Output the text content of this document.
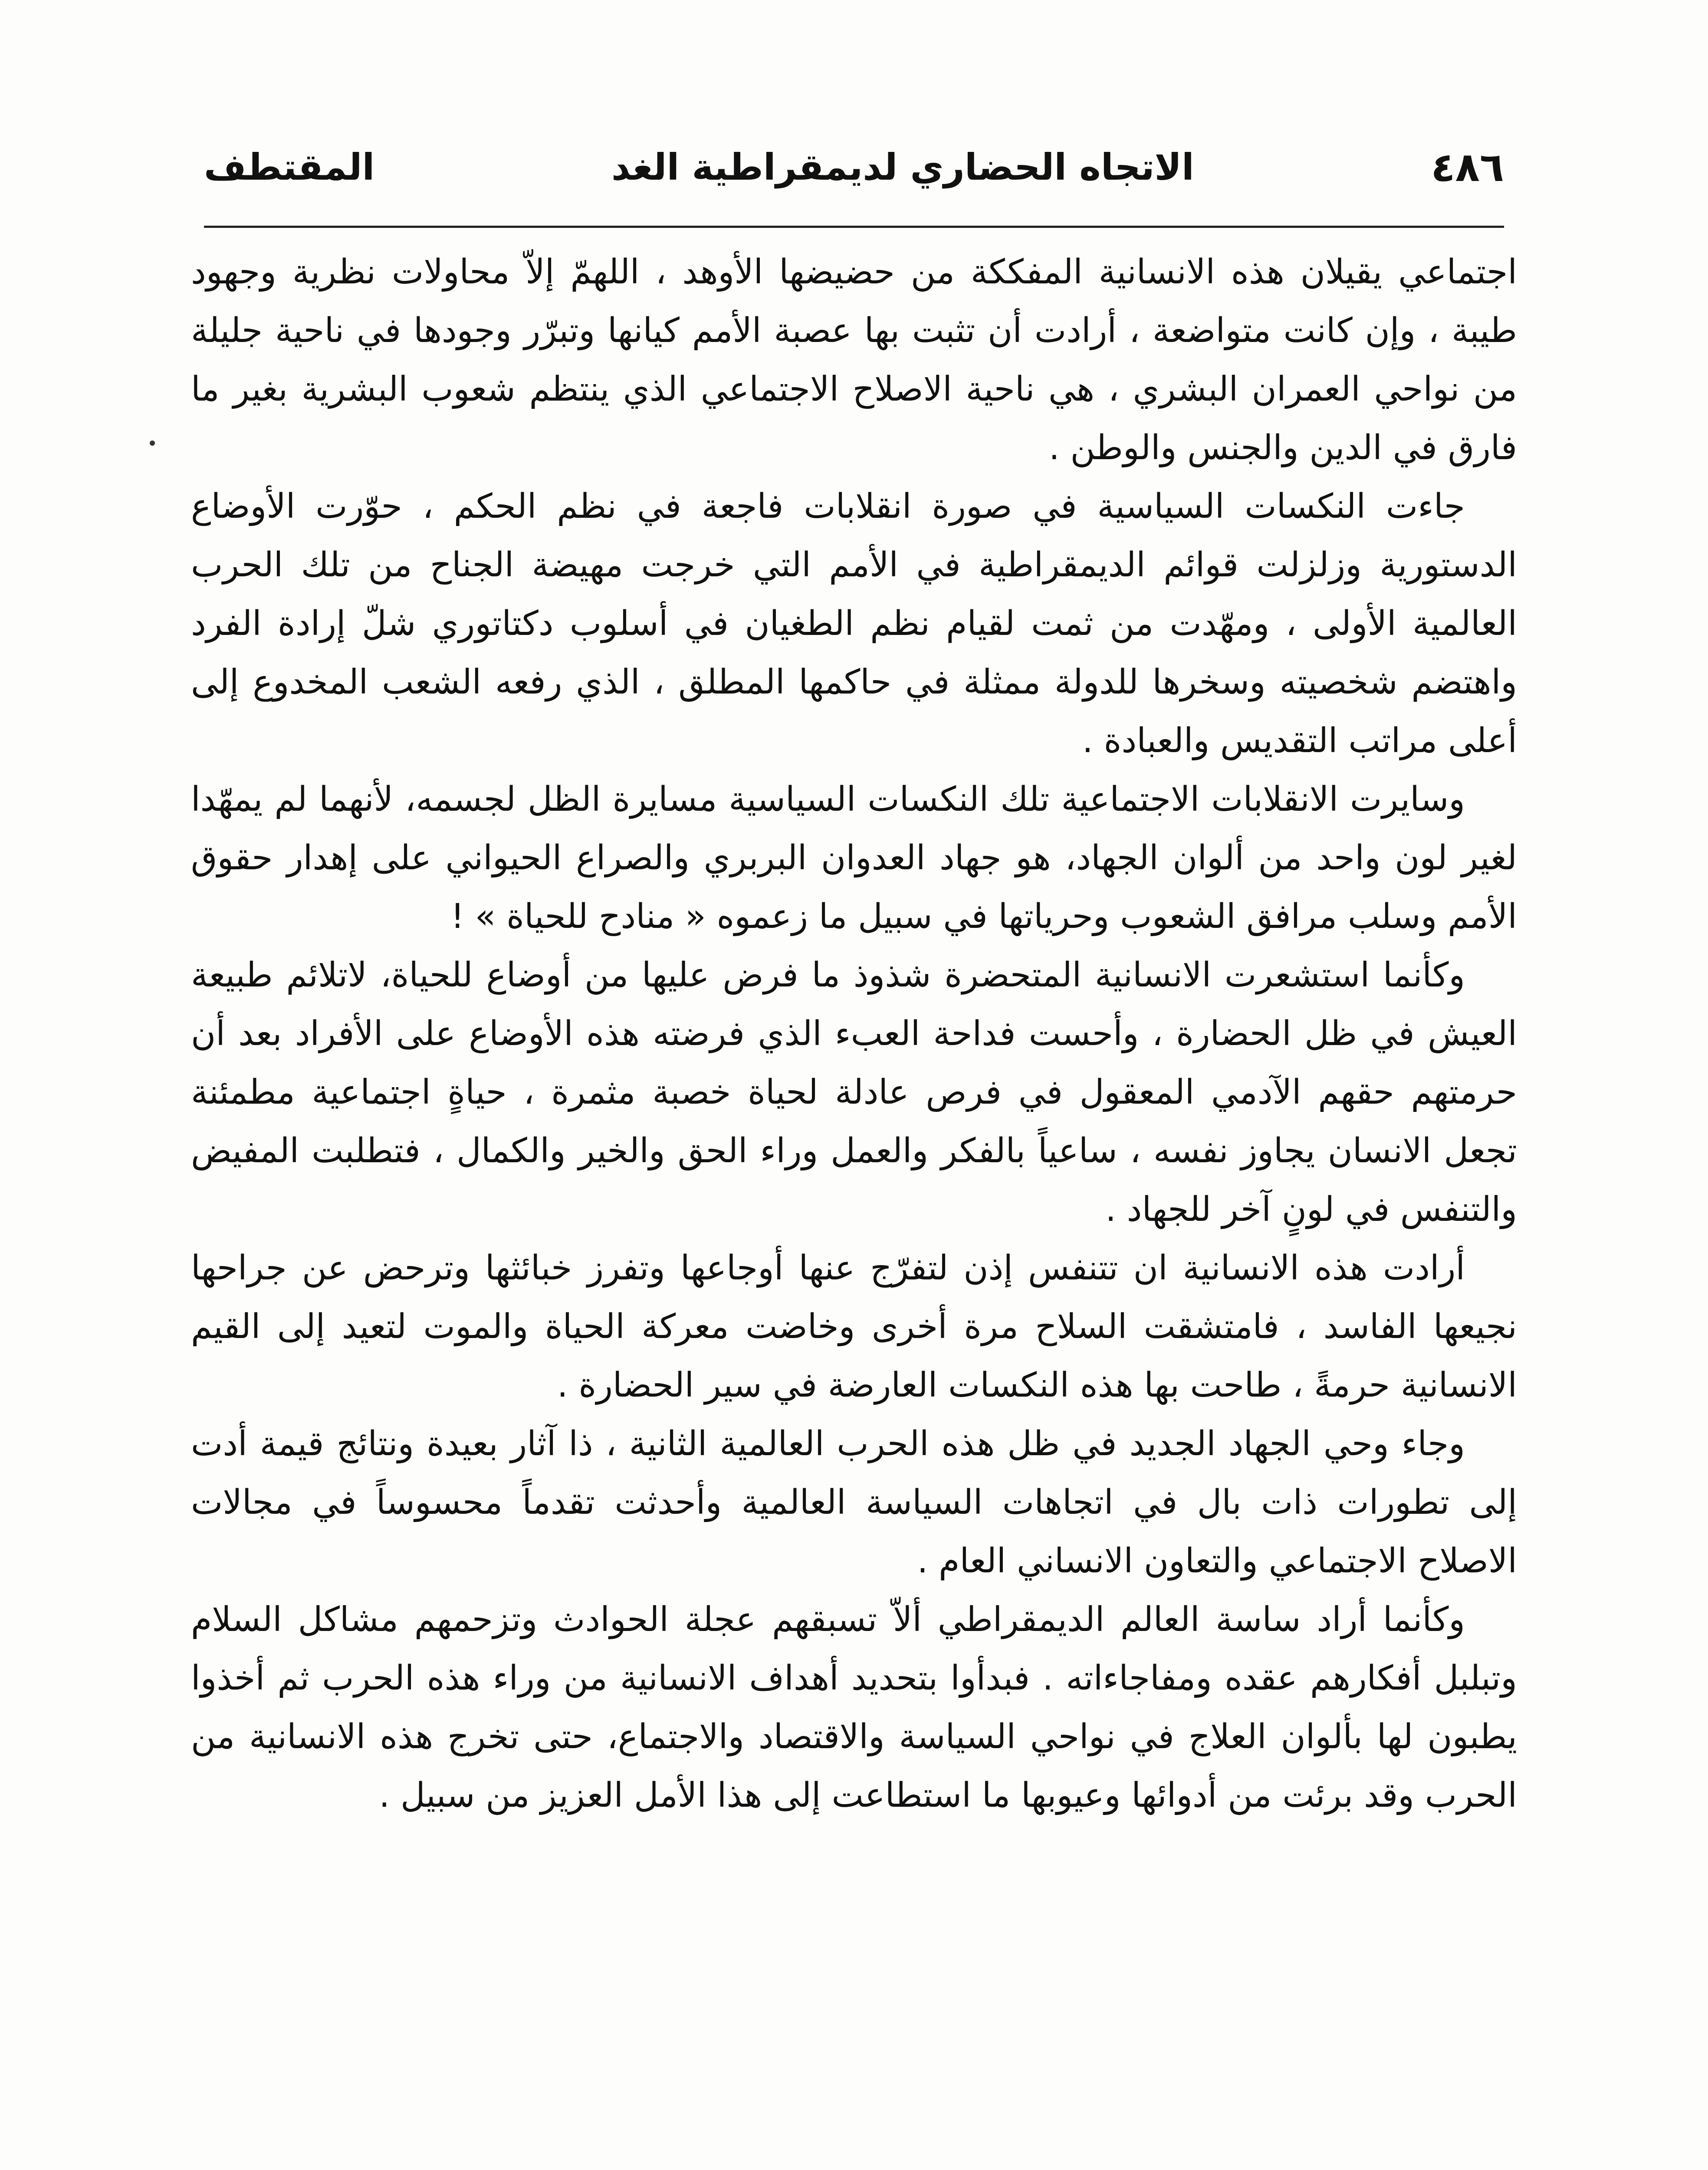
٤٨٦
الاتجاه الحضاري لديمقراطية الغد
المقتطف

اجتماعي يقيلان هذه الانسانية المفككة من حضيضها الأوهد ، اللهمّ إلاّ محاولات نظرية وجهود طيبة ، وإن كانت متواضعة ، أرادت أن تثبت بها عصبة الأمم كيانها وتبرّر وجودها في ناحية جليلة من نواحي العمران البشري ، هي ناحية الاصلاح الاجتماعي الذي ينتظم شعوب البشرية بغير ما فارق في الدين والجنس والوطن .

جاءت النكسات السياسية في صورة انقلابات فاجعة في نظم الحكم ، حوّرت الأوضاع الدستورية وزلزلت قوائم الديمقراطية في الأمم التي خرجت مهيضة الجناح من تلك الحرب العالمية الأولى ، ومهّدت من ثمت لقيام نظم الطغيان في أسلوب دكتاتوري شلّ إرادة الفرد واهتضم شخصيته وسخرها للدولة ممثلة في حاكمها المطلق ، الذي رفعه الشعب المخدوع إلى أعلى مراتب التقديس والعبادة .

وسايرت الانقلابات الاجتماعية تلك النكسات السياسية مسايرة الظل لجسمه، لأنهما لم يمهّدا لغير لون واحد من ألوان الجهاد، هو جهاد العدوان البربري والصراع الحيواني على إهدار حقوق الأمم وسلب مرافق الشعوب وحرياتها في سبيل ما زعموه « منادح للحياة » !

وكأنما استشعرت الانسانية المتحضرة شذوذ ما فرض عليها من أوضاع للحياة، لاتلائم طبيعة العيش في ظل الحضارة ، وأحست فداحة العبء الذي فرضته هذه الأوضاع على الأفراد بعد أن حرمتهم حقهم الآدمي المعقول في فرص عادلة لحياة خصبة مثمرة ، حياةٍ اجتماعية مطمئنة تجعل الانسان يجاوز نفسه ، ساعياً بالفكر والعمل وراء الحق والخير والكمال ، فتطلبت المفيض والتنفس في لونٍ آخر للجهاد .

أرادت هذه الانسانية ان تتنفس إذن لتفرّج عنها أوجاعها وتفرز خبائثها وترحض عن جراحها نجيعها الفاسد ، فامتشقت السلاح مرة أخرى وخاضت معركة الحياة والموت لتعيد إلى القيم الانسانية حرمةً ، طاحت بها هذه النكسات العارضة في سير الحضارة .

وجاء وحي الجهاد الجديد في ظل هذه الحرب العالمية الثانية ، ذا آثار بعيدة ونتائج قيمة أدت إلى تطورات ذات بال في اتجاهات السياسة العالمية وأحدثت تقدماً محسوساً في مجالات الاصلاح الاجتماعي والتعاون الانساني العام .

وكأنما أراد ساسة العالم الديمقراطي ألاّ تسبقهم عجلة الحوادث وتزحمهم مشاكل السلام وتبلبل أفكارهم عقده ومفاجاءاته . فبدأوا بتحديد أهداف الانسانية من وراء هذه الحرب ثم أخذوا يطبون لها بألوان العلاج في نواحي السياسة والاقتصاد والاجتماع، حتى تخرج هذه الانسانية من الحرب وقد برئت من أدوائها وعيوبها ما استطاعت إلى هذا الأمل العزيز من سبيل .
